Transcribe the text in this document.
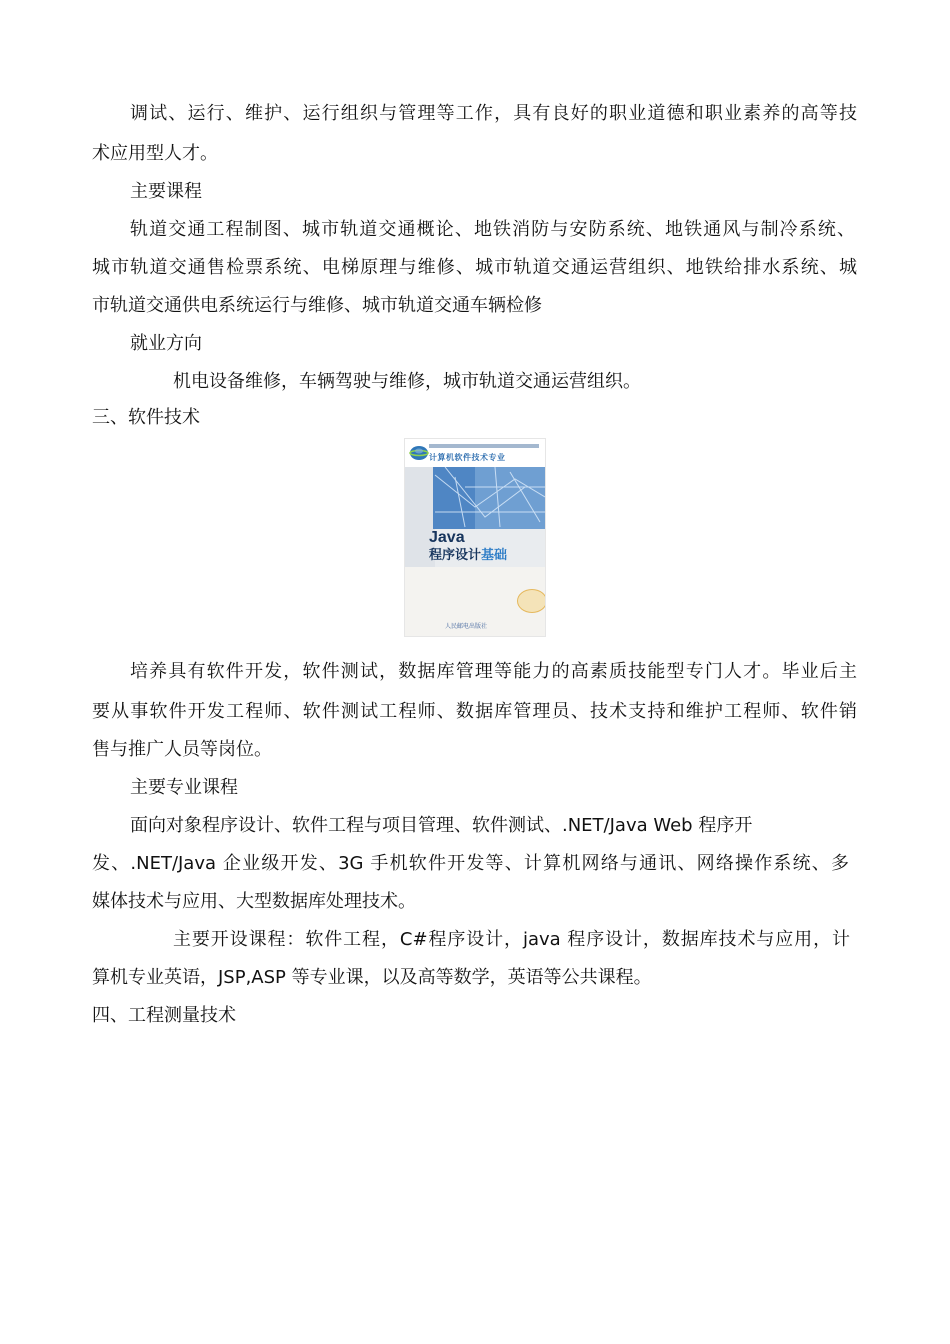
调试、运行、维护、运行组织与管理等工作，具有良好的职业道德和职业素养的高等技
术应用型人才。
主要课程
轨道交通工程制图、城市轨道交通概论、地铁消防与安防系统、地铁通风与制冷系统、
城市轨道交通售检票系统、电梯原理与维修、城市轨道交通运营组织、地铁给排水系统、城
市轨道交通供电系统运行与维修、城市轨道交通车辆检修
就业方向
机电设备维修，车辆驾驶与维修，城市轨道交通运营组织。
三、软件技术
计算机软件技术专业
Java
程序设计基础
人民邮电出版社
培养具有软件开发，软件测试，数据库管理等能力的高素质技能型专门人才。毕业后主
要从事软件开发工程师、软件测试工程师、数据库管理员、技术支持和维护工程师、软件销
售与推广人员等岗位。
主要专业课程
面向对象程序设计、软件工程与项目管理、软件测试、.NET/Java Web 程序开
发、.NET/Java 企业级开发、3G 手机软件开发等、计算机网络与通讯、网络操作系统、多
媒体技术与应用、大型数据库处理技术。
主要开设课程：软件工程，C#程序设计，java 程序设计，数据库技术与应用，计
算机专业英语，JSP,ASP 等专业课，以及高等数学，英语等公共课程。
四、工程测量技术
